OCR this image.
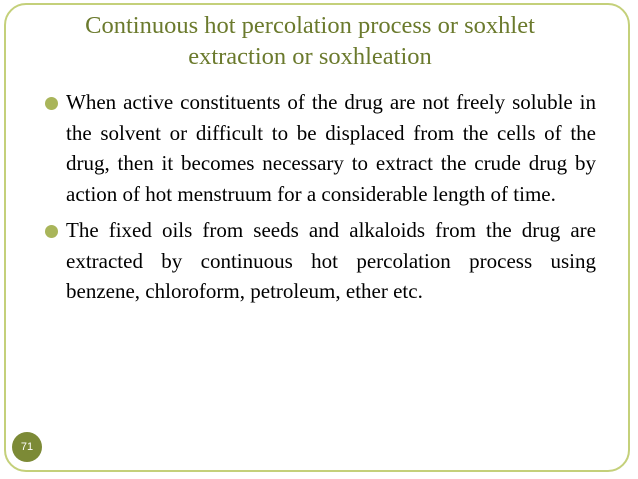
Continuous hot percolation process or soxhlet extraction or soxhleation
When active constituents of the drug are not freely soluble in the solvent or difficult to be displaced from the cells of the drug, then it becomes necessary to extract the crude drug by action of hot menstruum for a considerable length of time.
The fixed oils from seeds and alkaloids from the drug are extracted by continuous hot percolation process using benzene, chloroform, petroleum, ether etc.
71
